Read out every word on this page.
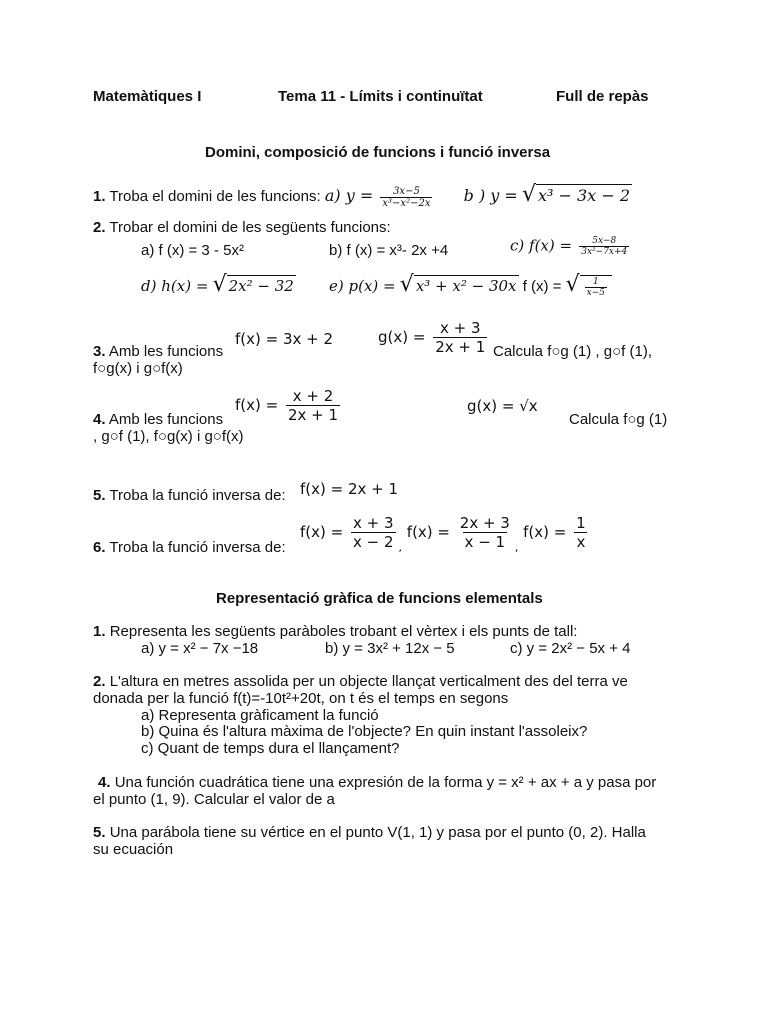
Matemàtiques I	Tema 11 - Límits i continuïtat	Full de repàs
Domini, composició de funcions i funció inversa
1. Troba el domini de les funcions: a) $y = \frac{3x-5}{\text{x³−x²−2x}}$ b ) y = √ x³ − 3x − 2
2. Trobar el domini de les següents funcions:
a) f (x) = 3 - 5x²	b) f (x) = x³- 2x +4	c) $f(x) = \frac{5x-8}{\text{3x²−7x+4}}$
d) h(x) = √ 2x² − 32 e) p(x) = √ x³ + x² − 30x f (x) = √ $\frac{1}{x-5}$
f(x) = 3x + 2	$g(x) = \frac{x + 3}{2x + 1}$
3. Amb les funcions	Calcula f○g (1) , g○f (1),
f○g(x) i g○f(x)
$f(x) = \frac{x + 2}{2x + 1}$	g(x) = √x
4. Amb les funcions	Calcula f○g (1)
, g○f (1), f○g(x) i g○f(x)
5. Troba la funció inversa de: f(x) = 2x + 1
6. Troba la funció inversa de:
$f(x) = \frac{x + 3}{x - 2} _,$ $f(x) = \frac{2x + 3}{x - 1} _,$ $f(x) = \frac{1}{x}$
Representació gràfica de funcions elementals
1. Representa les següents paràboles trobant el vèrtex i els punts de tall:
a) y = x² − 7x −18	b) y = 3x² + 12x − 5	c) y = 2x² − 5x + 4
2. L'altura en metres assolida per un objecte llançat verticalment des del terra ve
donada per la funció f(t)=-10t²+20t, on t és el temps en segons
a) Representa gràficament la funció
b) Quina és l'altura màxima de l'objecte? En quin instant l'assoleix?
c) Quant de temps dura el llançament?
4. Una función cuadrática tiene una expresión de la forma y = x² + ax + a y pasa por
el punto (1, 9). Calcular el valor de a
5. Una parábola tiene su vértice en el punto V(1, 1) y pasa por el punto (0, 2). Halla
su ecuación
